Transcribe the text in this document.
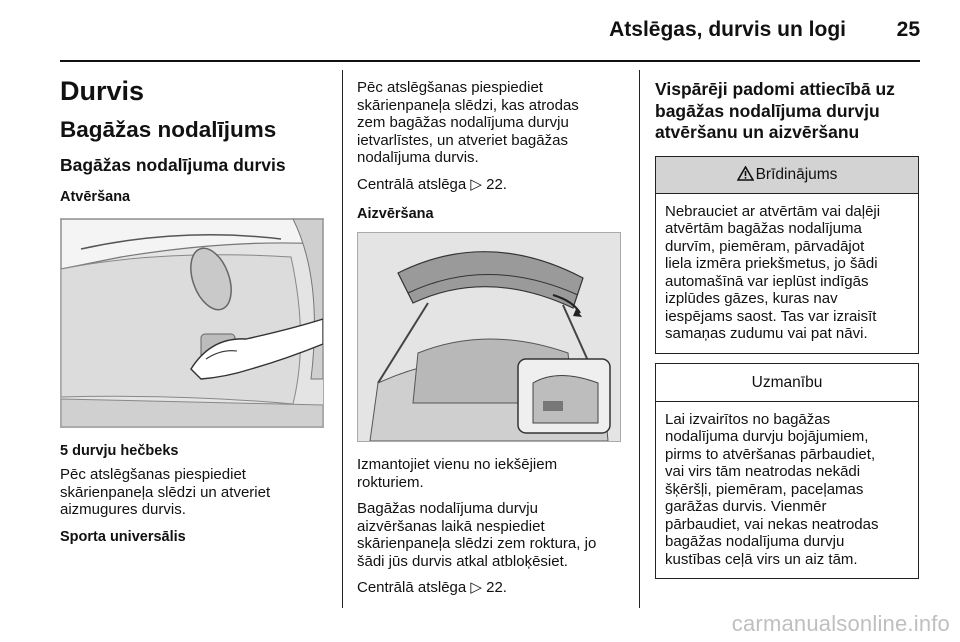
Atslēgas, durvis un logi	25
Durvis
Bagāžas nodalījums
Bagāžas nodalījuma durvis
Atvēršana
5 durvju hečbeks

Pēc atslēgšanas piespiediet
skārienpaneļa slēdzi un atveriet
aizmugures durvis.

Sporta universālis

Pēc atslēgšanas piespiediet
skārienpaneļa slēdzi, kas atrodas
zem bagāžas nodalījuma durvju
ietvarlīstes, un atveriet bagāžas
nodalījuma durvis.

Centrālā atslēga ▷ 22.

Aizvēršana

Izmantojiet vienu no iekšējiem
rokturiem.

Bagāžas nodalījuma durvju
aizvēršanas laikā nespiediet
skārienpaneļa slēdzi zem roktura, jo
šādi jūs durvis atkal atbloķēsiet.

Centrālā atslēga ▷ 22.

Vispārēji padomi attiecībā uz
bagāžas nodalījuma durvju
atvēršanu un aizvēršanu
Brīdinājums

Nebrauciet ar atvērtām vai daļēji
atvērtām bagāžas nodalījuma
durvīm, piemēram, pārvadājot
liela izmēra priekšmetus, jo šādi
automašīnā var ieplūst indīgās
izplūdes gāzes, kuras nav
iespējams saost. Tas var izraisīt
samaņas zudumu vai pat nāvi.

Uzmanību

Lai izvairītos no bagāžas
nodalījuma durvju bojājumiem,
pirms to atvēršanas pārbaudiet,
vai virs tām neatrodas nekādi
šķēršļi, piemēram, paceļamas
garāžas durvis. Vienmēr
pārbaudiet, vai nekas neatrodas
bagāžas nodalījuma durvju
kustības ceļā virs un aiz tām.

carmanualsonline.info
